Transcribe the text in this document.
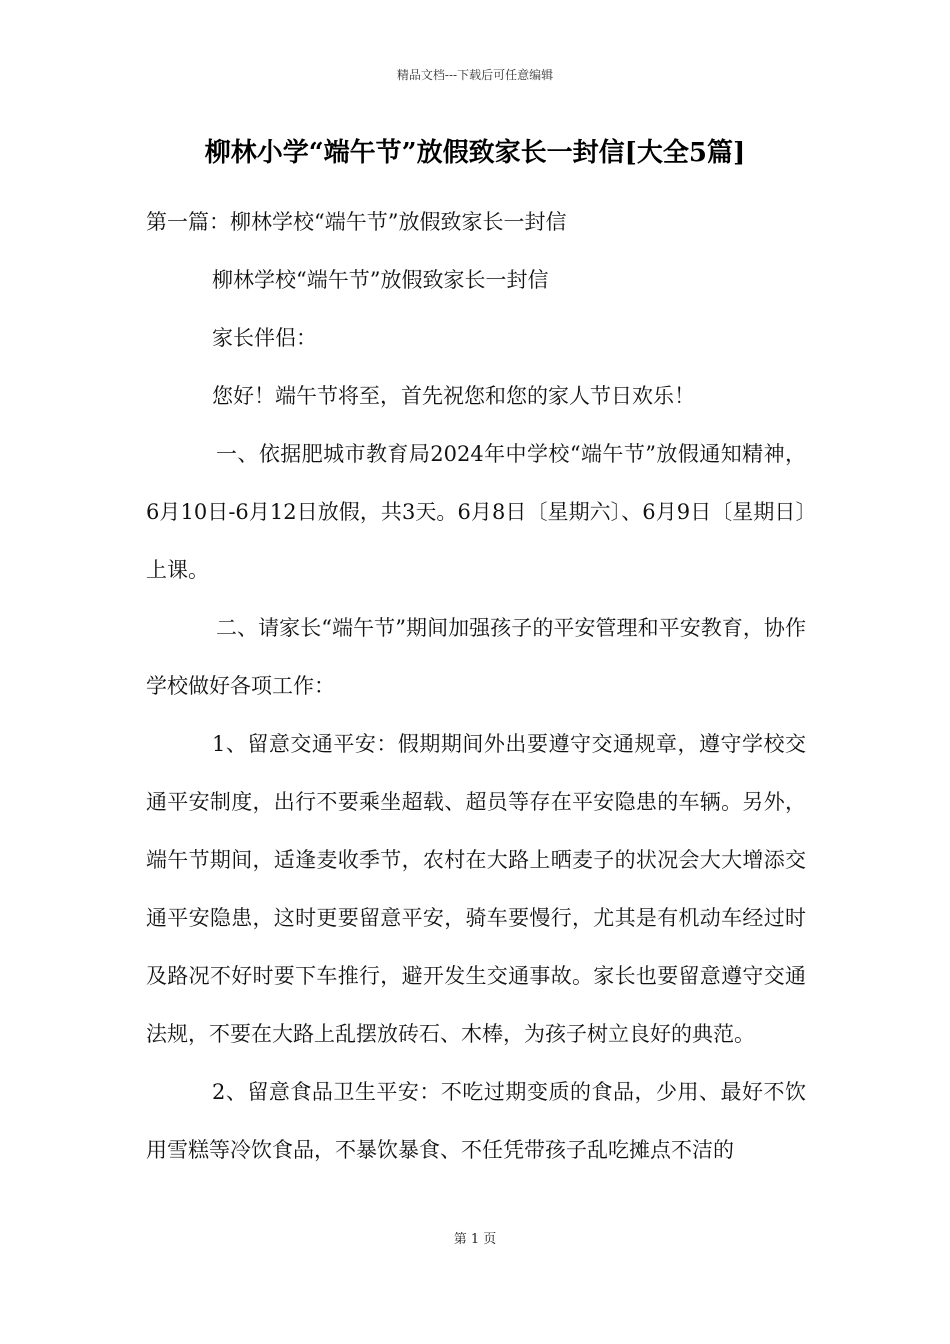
精品文档---下载后可任意编辑
柳林小学“端午节”放假致家长一封信[大全5篇]

第一篇：柳林学校“端午节”放假致家长一封信

柳林学校“端午节”放假致家长一封信

家长伴侣：

您好！端午节将至，首先祝您和您的家人节日欢乐！

一、依据肥城市教育局2024年中学校“端午节”放假通知精神， 6月10日-6月12日放假，共3天。6月8日〔星期六〕、6月9日〔星期日〕上课。

二、请家长“端午节”期间加强孩子的平安管理和平安教育，协作学校做好各项工作：

1、留意交通平安：假期期间外出要遵守交通规章，遵守学校交通平安制度，出行不要乘坐超载、超员等存在平安隐患的车辆。另外，端午节期间，适逢麦收季节，农村在大路上晒麦子的状况会大大增添交通平安隐患，这时更要留意平安，骑车要慢行，尤其是有机动车经过时及路况不好时要下车推行，避开发生交通事故。家长也要留意遵守交通法规，不要在大路上乱摆放砖石、木棒，为孩子树立良好的典范。

2、留意食品卫生平安：不吃过期变质的食品，少用、最好不饮用雪糕等冷饮食品，不暴饮暴食、不任凭带孩子乱吃摊点不洁的

第 1 页
